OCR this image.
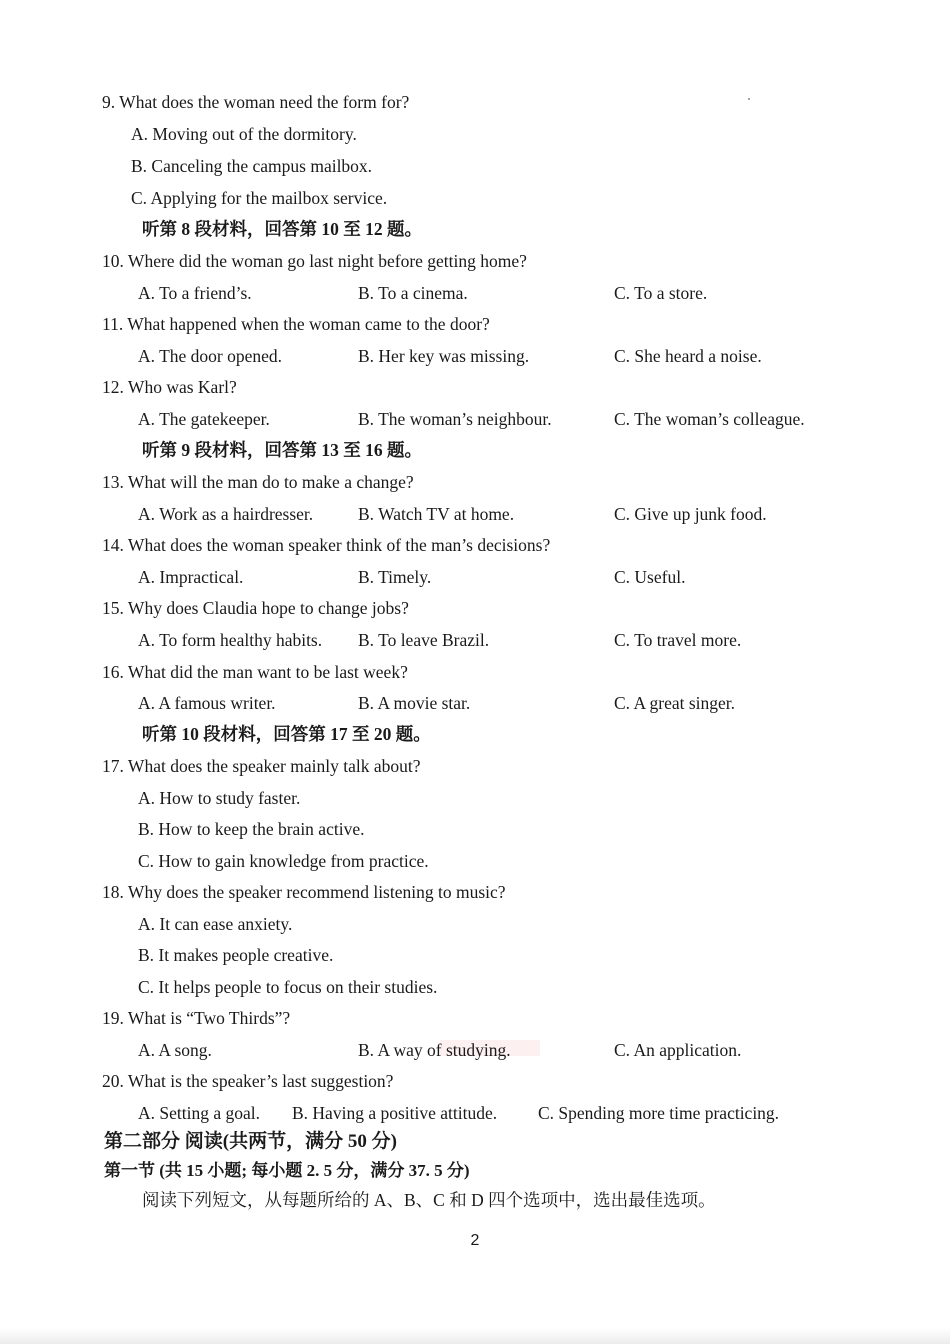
9. What does the woman need the form for?
A. Moving out of the dormitory.
B. Canceling the campus mailbox.
C. Applying for the mailbox service.
听第 8 段材料，回答第 10 至 12 题。
10. Where did the woman go last night before getting home?
A. To a friend’s.	B. To a cinema.	C. To a store.
11. What happened when the woman came to the door?
A. The door opened.	B. Her key was missing.	C. She heard a noise.
12. Who was Karl?
A. The gatekeeper.	B. The woman’s neighbour.	C. The woman’s colleague.
听第 9 段材料，回答第 13 至 16 题。
13. What will the man do to make a change?
A. Work as a hairdresser.	B. Watch TV at home.	C. Give up junk food.
14. What does the woman speaker think of the man’s decisions?
A. Impractical.	B. Timely.	C. Useful.
15. Why does Claudia hope to change jobs?
A. To form healthy habits. B. To leave Brazil.	C. To travel more.
16. What did the man want to be last week?
A. A famous writer.	B. A movie star.	C. A great singer.
听第 10 段材料，回答第 17 至 20 题。
17. What does the speaker mainly talk about?
A. How to study faster.
B. How to keep the brain active.
C. How to gain knowledge from practice.
18. Why does the speaker recommend listening to music?
A. It can ease anxiety.
B. It makes people creative.
C. It helps people to focus on their studies.
19. What is “Two Thirds”?
A. A song.	B. A way of studying.	C. An application.
20. What is the speaker’s last suggestion?
A. Setting a goal. B. Having a positive attitude. C. Spending more time practicing.
第二部分 阅读(共两节，满分 50 分)
第一节 (共 15 小题; 每小题 2. 5 分，满分 37. 5 分)
阅读下列短文，从每题所给的 A、B、C 和 D 四个选项中，选出最佳选项。
2
